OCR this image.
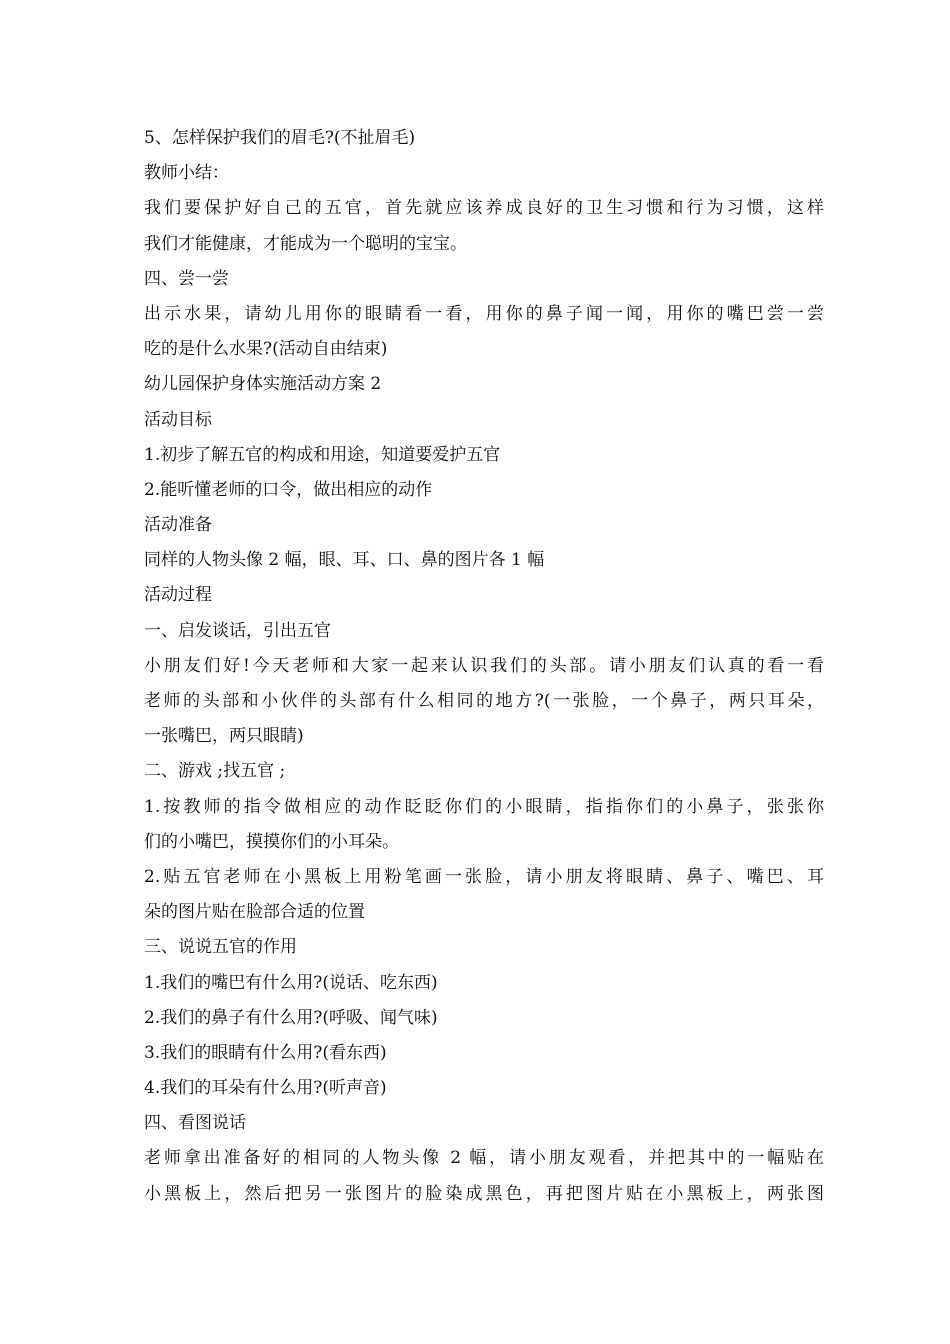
5、怎样保护我们的眉毛?(不扯眉毛)
教师小结：
我们要保护好自己的五官，首先就应该养成良好的卫生习惯和行为习惯，这样
我们才能健康，才能成为一个聪明的宝宝。
四、尝一尝
出示水果，请幼儿用你的眼睛看一看，用你的鼻子闻一闻，用你的嘴巴尝一尝
吃的是什么水果?(活动自由结束)
幼儿园保护身体实施活动方案 2
活动目标
1.初步了解五官的构成和用途，知道要爱护五官
2.能听懂老师的口令，做出相应的动作
活动准备
同样的人物头像 2 幅，眼、耳、口、鼻的图片各 1 幅
活动过程
一、启发谈话，引出五官
小朋友们好!今天老师和大家一起来认识我们的头部。请小朋友们认真的看一看
老师的头部和小伙伴的头部有什么相同的地方?(一张脸，一个鼻子，两只耳朵，
一张嘴巴，两只眼睛)
二、游戏 ;找五官 ;
1.按教师的指令做相应的动作眨眨你们的小眼睛，指指你们的小鼻子，张张你
们的小嘴巴，摸摸你们的小耳朵。
2.贴五官老师在小黑板上用粉笔画一张脸，请小朋友将眼睛、鼻子、嘴巴、耳
朵的图片贴在脸部合适的位置
三、说说五官的作用
1.我们的嘴巴有什么用?(说话、吃东西)
2.我们的鼻子有什么用?(呼吸、闻气味)
3.我们的眼睛有什么用?(看东西)
4.我们的耳朵有什么用?(听声音)
四、看图说话
老师拿出准备好的相同的人物头像 2 幅，请小朋友观看，并把其中的一幅贴在
小黑板上，然后把另一张图片的脸染成黑色，再把图片贴在小黑板上，两张图
